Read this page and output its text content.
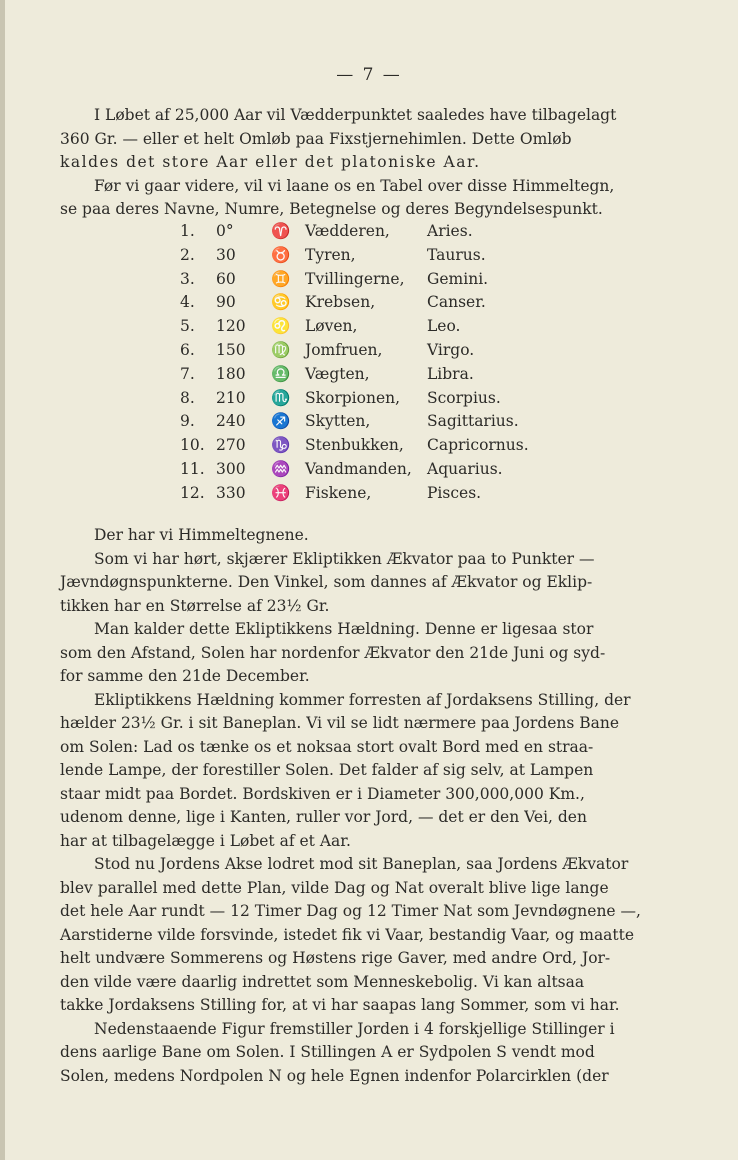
— 7 —
I Løbet af 25,000 Aar vil Vædderpunktet saaledes have tilbagelagt
360 Gr. — eller et helt Omløb paa Fixstjernehimlen. Dette Omløb
kaldes det store Aar eller det platoniske Aar.
Før vi gaar videre, vil vi laane os en Tabel over disse Himmeltegn,
se paa deres Navne, Numre, Betegnelse og deres Begyndelsespunkt.
1.	0°	♈	Vædderen,	Aries.
2.	30	♉	Tyren,	Taurus.
3.	60	♊	Tvillingerne,	Gemini.
4.	90	♋	Krebsen,	Canser.
5.	120	♌	Løven,	Leo.
6.	150	♍	Jomfruen,	Virgo.
7.	180	♎	Vægten,	Libra.
8.	210	♏	Skorpionen,	Scorpius.
9.	240	♐	Skytten,	Sagittarius.
10.	270	♑	Stenbukken,	Capricornus.
11.	300	♒	Vandmanden,	Aquarius.
12.	330	♓	Fiskene,	Pisces.
Der har vi Himmeltegnene.
Som vi har hørt, skjærer Ekliptikken Ækvator paa to Punkter —
Jævndøgnspunkterne. Den Vinkel, som dannes af Ækvator og Eklip-
tikken har en Størrelse af 23½ Gr.
Man kalder dette Ekliptikkens Hældning. Denne er ligesaa stor
som den Afstand, Solen har nordenfor Ækvator den 21de Juni og syd-
for samme den 21de December.
Ekliptikkens Hældning kommer forresten af Jordaksens Stilling, der
hælder 23½ Gr. i sit Baneplan. Vi vil se lidt nærmere paa Jordens Bane
om Solen: Lad os tænke os et noksaa stort ovalt Bord med en straa-
lende Lampe, der forestiller Solen. Det falder af sig selv, at Lampen
staar midt paa Bordet. Bordskiven er i Diameter 300,000,000 Km.,
udenom denne, lige i Kanten, ruller vor Jord, — det er den Vei, den
har at tilbagelægge i Løbet af et Aar.
Stod nu Jordens Akse lodret mod sit Baneplan, saa Jordens Ækvator
blev parallel med dette Plan, vilde Dag og Nat overalt blive lige lange
det hele Aar rundt — 12 Timer Dag og 12 Timer Nat som Jevndøgnene —,
Aarstiderne vilde forsvinde, istedet fik vi Vaar, bestandig Vaar, og maatte
helt undvære Sommerens og Høstens rige Gaver, med andre Ord, Jor-
den vilde være daarlig indrettet som Menneskebolig. Vi kan altsaa
takke Jordaksens Stilling for, at vi har saapas lang Sommer, som vi har.
Nedenstaaende Figur fremstiller Jorden i 4 forskjellige Stillinger i
dens aarlige Bane om Solen. I Stillingen A er Sydpolen S vendt mod
Solen, medens Nordpolen N og hele Egnen indenfor Polarcirklen (der
